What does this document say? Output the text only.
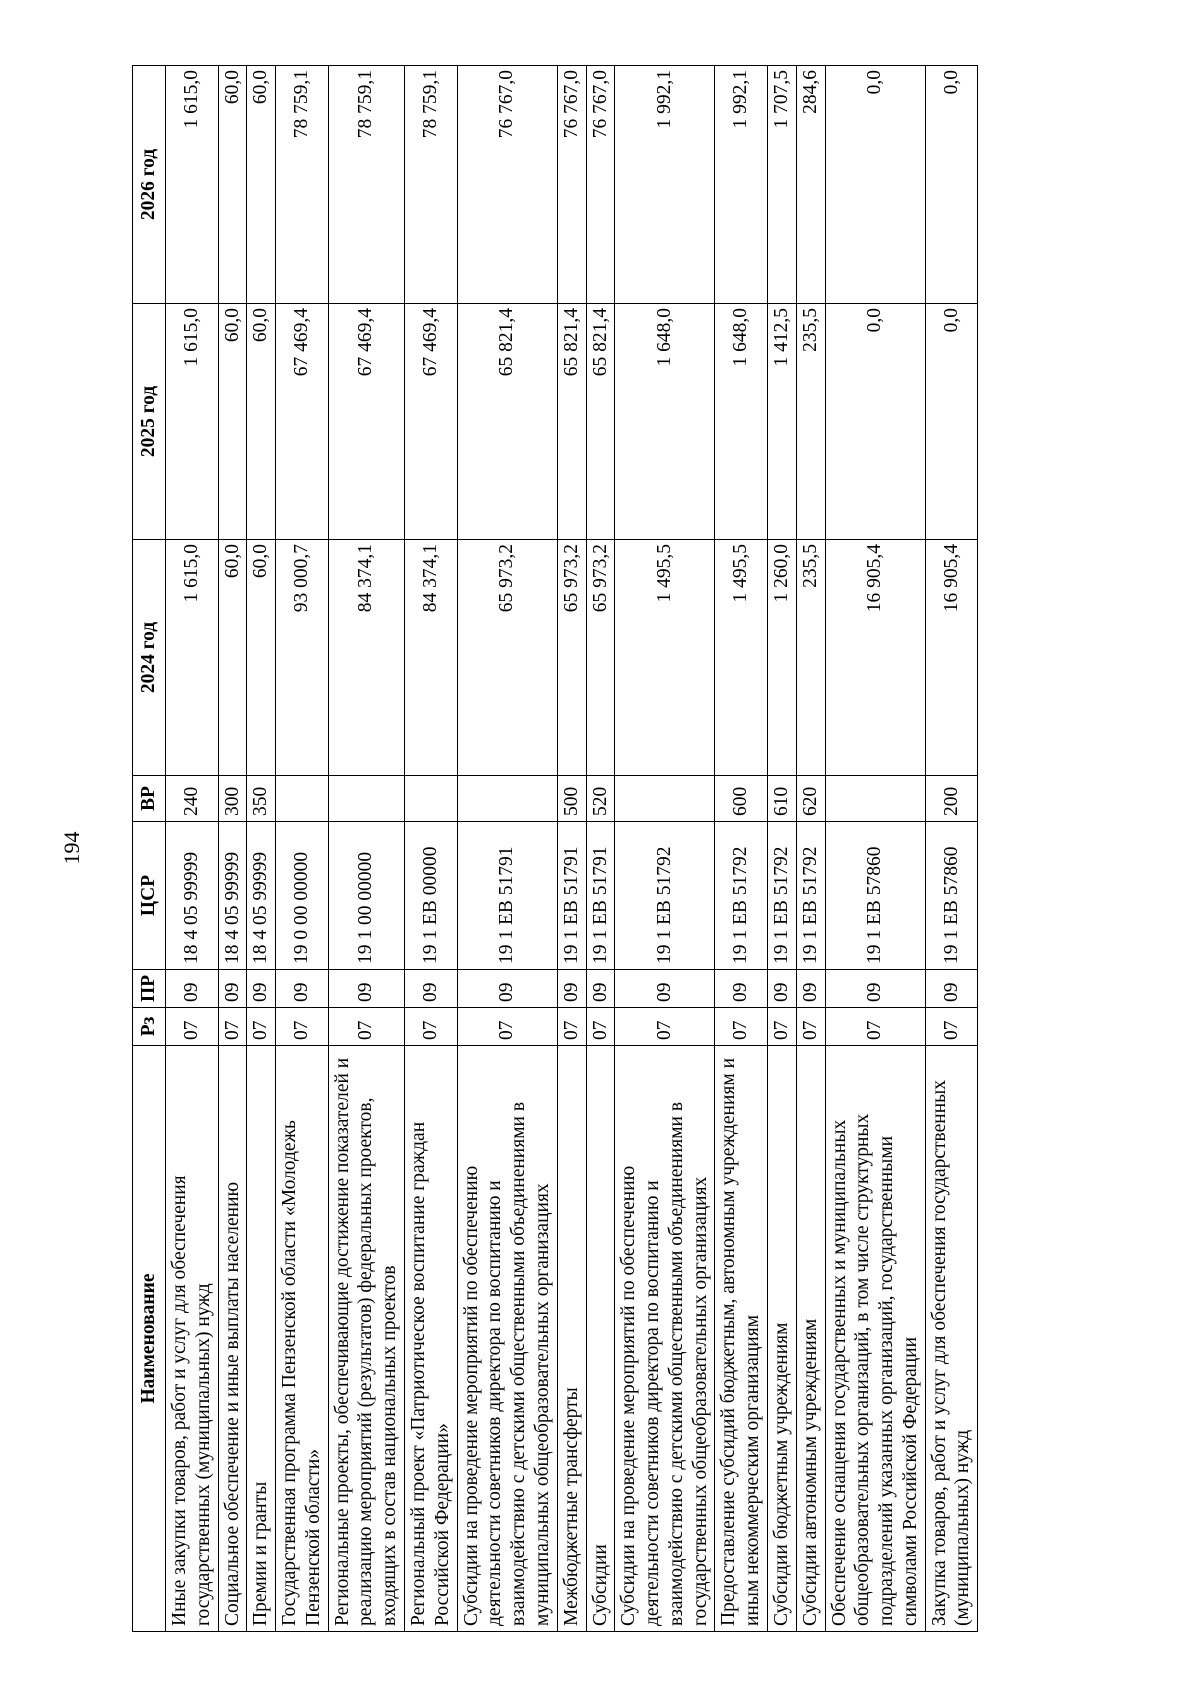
194
Наименование	Рз	ПР	ЦСР	ВР	2024 год	2025 год	2026 год
Иные закупки товаров, работ и услуг для обеспечения государственных (муниципальных) нужд	07	09	18 4 05 99999	240	1 615,0	1 615,0	1 615,0
Социальное обеспечение и иные выплаты населению	07	09	18 4 05 99999	300	60,0	60,0	60,0
Премии и гранты	07	09	18 4 05 99999	350	60,0	60,0	60,0
Государственная программа Пензенской области «Молодежь Пензенской области»	07	09	19 0 00 00000		93 000,7	67 469,4	78 759,1
Региональные проекты, обеспечивающие достижение показателей и реализацию мероприятий (результатов) федеральных проектов, входящих в состав национальных проектов	07	09	19 1 00 00000		84 374,1	67 469,4	78 759,1
Региональный проект «Патриотическое воспитание граждан Российской Федерации»	07	09	19 1 ЕВ 00000		84 374,1	67 469,4	78 759,1
Субсидии на проведение мероприятий по обеспечению деятельности советников директора по воспитанию и взаимодействию с детскими общественными объединениями в муниципальных общеобразовательных организациях	07	09	19 1 ЕВ 51791		65 973,2	65 821,4	76 767,0
Межбюджетные трансферты	07	09	19 1 ЕВ 51791	500	65 973,2	65 821,4	76 767,0
Субсидии	07	09	19 1 ЕВ 51791	520	65 973,2	65 821,4	76 767,0
Субсидии на проведение мероприятий по обеспечению деятельности советников директора по воспитанию и взаимодействию с детскими общественными объединениями в государственных общеобразовательных организациях	07	09	19 1 ЕВ 51792		1 495,5	1 648,0	1 992,1
Предоставление субсидий бюджетным, автономным учреждениям и иным некоммерческим организациям	07	09	19 1 ЕВ 51792	600	1 495,5	1 648,0	1 992,1
Субсидии бюджетным учреждениям	07	09	19 1 ЕВ 51792	610	1 260,0	1 412,5	1 707,5
Субсидии автономным учреждениям	07	09	19 1 ЕВ 51792	620	235,5	235,5	284,6
Обеспечение оснащения государственных и муниципальных общеобразовательных организаций, в том числе структурных подразделений указанных организаций, государственными символами Российской Федерации	07	09	19 1 ЕВ 57860		16 905,4	0,0	0,0
Закупка товаров, работ и услуг для обеспечения государственных (муниципальных) нужд	07	09	19 1 ЕВ 57860	200	16 905,4	0,0	0,0
